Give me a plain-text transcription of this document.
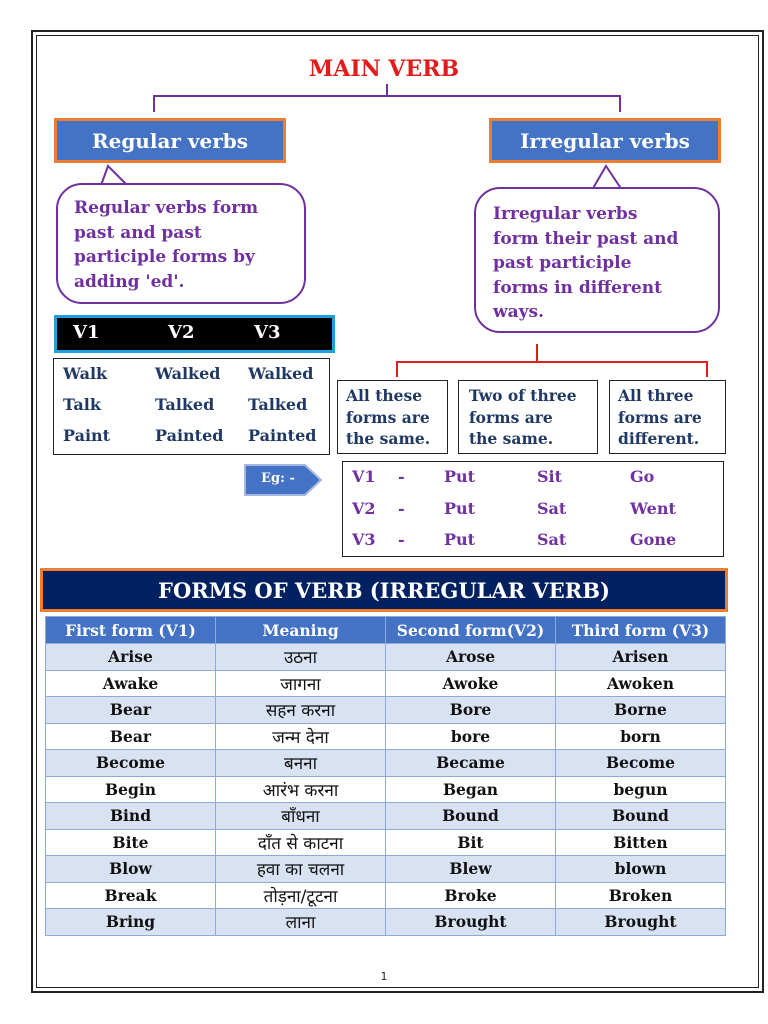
MAIN VERB
Regular verbs	Irregular verbs
Regular verbs form
past and past
participle forms by
adding 'ed'.
Irregular verbs
form their past and
past participle
forms in different
ways.
V1	V2	V3
Walk	Walked Walked
Talk	Talked Talked
Paint	Painted Painted
All these
forms are
the same.
Two of three
forms are
the same.
All three
forms are
different.
Eg: -	V1 - Put	Sit	Go
V2 - Put	Sat	Went
V3 - Put	Sat	Gone
FORMS OF VERB (IRREGULAR VERB)
First form (V1)	Meaning	Second form(V2)	Third form (V3)
Arise	उठना	Arose	Arisen
Awake	जागना	Awoke	Awoken
Bear	सहन करना	Bore	Borne
Bear	जन्म देना	bore	born
Become	बनना	Became	Become
Begin	आरंभ करना	Began	begun
Bind	बाँधना	Bound	Bound
Bite	दाँत से काटना	Bit	Bitten
Blow	हवा का चलना	Blew	blown
Break	तोड़ना/टूटना	Broke	Broken
Bring	लाना	Brought	Brought
1
